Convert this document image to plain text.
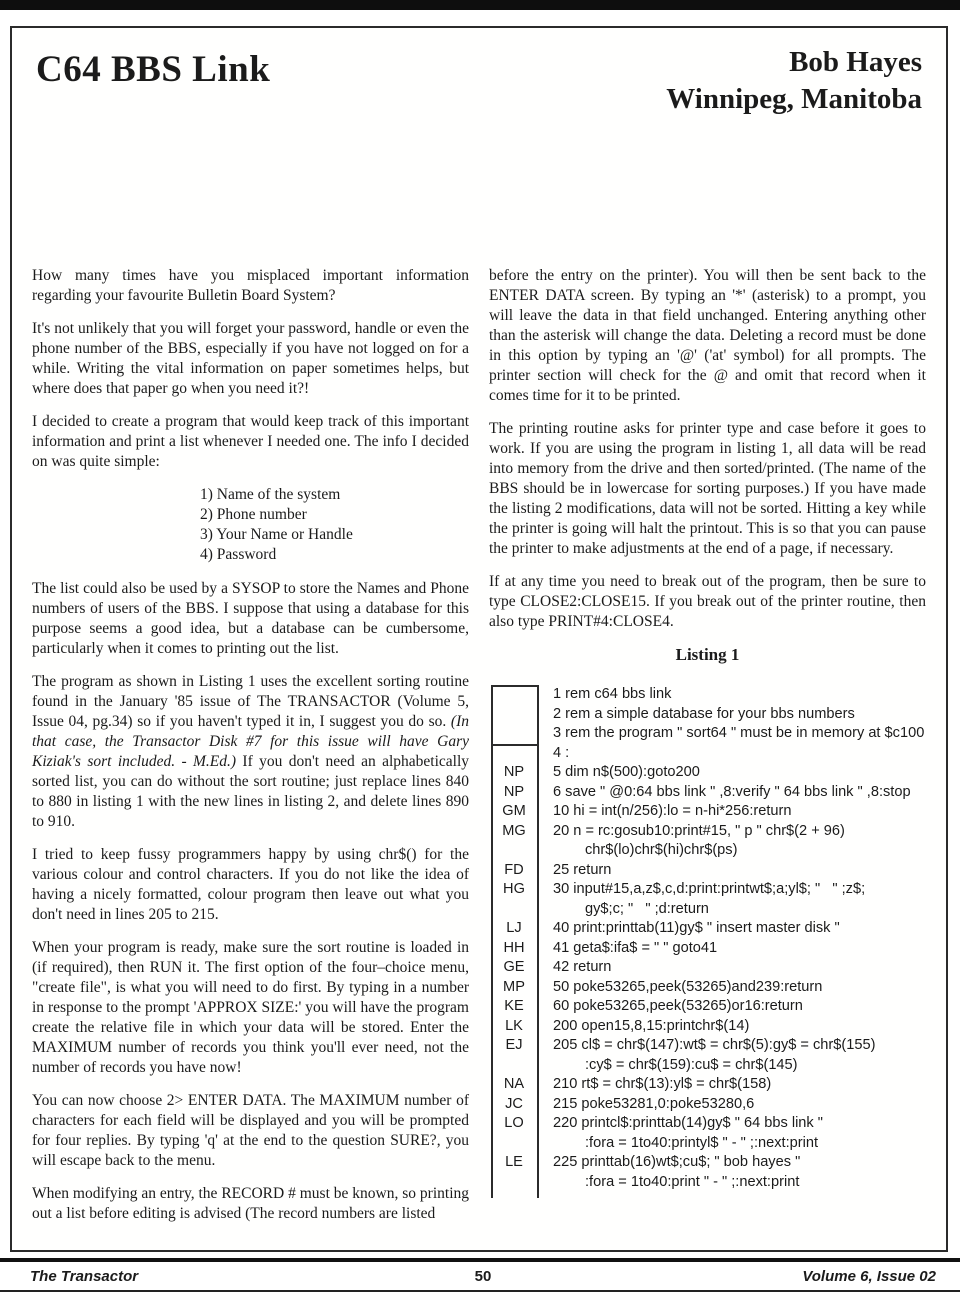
C64 BBS Link	Bob Hayes
Winnipeg, Manitoba

How many times have you misplaced important information regarding your favourite Bulletin Board System?

It's not unlikely that you will forget your password, handle or even the phone number of the BBS, especially if you have not logged on for a while. Writing the vital information on paper sometimes helps, but where does that paper go when you need it?!

I decided to create a program that would keep track of this important information and print a list whenever I needed one. The info I decided on was quite simple:

1) Name of the system
2) Phone number
3) Your Name or Handle
4) Password

The list could also be used by a SYSOP to store the Names and Phone numbers of users of the BBS. I suppose that using a database for this purpose seems a good idea, but a database can be cumbersome, particularly when it comes to printing out the list.

The program as shown in Listing 1 uses the excellent sorting routine found in the January '85 issue of The TRANSACTOR (Volume 5, Issue 04, pg.34) so if you haven't typed it in, I suggest you do so. (In that case, the Transactor Disk #7 for this issue will have Gary Kiziak's sort included. - M.Ed.) If you don't need an alphabetically sorted list, you can do without the sort routine; just replace lines 840 to 880 in listing 1 with the new lines in listing 2, and delete lines 890 to 910.

I tried to keep fussy programmers happy by using chr$() for the various colour and control characters. If you do not like the idea of having a nicely formatted, colour program then leave out what you don't need in lines 205 to 215.

When your program is ready, make sure the sort routine is loaded in (if required), then RUN it. The first option of the four–choice menu, "create file", is what you will need to do first. By typing in a number in response to the prompt 'APPROX SIZE:' you will have the program create the relative file in which your data will be stored. Enter the MAXIMUM number of records you think you'll ever need, not the number of records you have now!

You can now choose 2> ENTER DATA. The MAXIMUM number of characters for each field will be displayed and you will be prompted for four replies. By typing 'q' at the end to the question SURE?, you will escape back to the menu.

When modifying an entry, the RECORD # must be known, so printing out a list before editing is advised (The record numbers are listed

before the entry on the printer). You will then be sent back to the ENTER DATA screen. By typing an '*' (asterisk) to a prompt, you will leave the data in that field unchanged. Entering anything other than the asterisk will change the data. Deleting a record must be done in this option by typing an '@' ('at' symbol) for all prompts. The printer section will check for the @ and omit that record when it comes time for it to be printed.

The printing routine asks for printer type and case before it goes to work. If you are using the program in listing 1, all data will be read into memory from the drive and then sorted/printed. (The name of the BBS should be in lowercase for sorting purposes.) If you have made the listing 2 modifications, data will not be sorted. Hitting a key while the printer is going will halt the printout. This is so that you can pause the printer to make adjustments at the end of a page, if necessary.

If at any time you need to break out of the program, then be sure to type CLOSE2:CLOSE15. If you break out of the printer routine, then also type PRINT#4:CLOSE4.

Listing 1
1 rem c64 bbs link
2 rem a simple database for your bbs numbers
3 rem the program " sort64 " must be in memory at $c100
4 :
NP	5 dim n$(500):goto200
NP	6 save " @0:64 bbs link " ,8:verify " 64 bbs link " ,8:stop
GM	10 hi = int(n/256):lo = n-hi*256:return
MG	20 n = rc:gosub10:print#15, " p " chr$(2 + 96)
chr$(lo)chr$(hi)chr$(ps)
FD	25 return
HG	30 input#15,a,z$,c,d:print:printwt$;a;yl$; "   " ;z$;
gy$;c; "   " ;d:return
LJ	40 print:printtab(11)gy$ " insert master disk "
HH	41 geta$:ifa$ = " " goto41
GE	42 return
MP	50 poke53265,peek(53265)and239:return
KE	60 poke53265,peek(53265)or16:return
LK	200 open15,8,15:printchr$(14)
EJ	205 cl$ = chr$(147):wt$ = chr$(5):gy$ = chr$(155)
:cy$ = chr$(159):cu$ = chr$(145)
NA	210 rt$ = chr$(13):yl$ = chr$(158)
JC	215 poke53281,0:poke53280,6
LO	220 printcl$:printtab(14)gy$ " 64 bbs link "
:fora = 1to40:printyl$ " - " ;:next:print
LE	225 printtab(16)wt$;cu$; " bob hayes "
:fora = 1to40:print " - " ;:next:print
The Transactor	50	Volume 6, Issue 02
